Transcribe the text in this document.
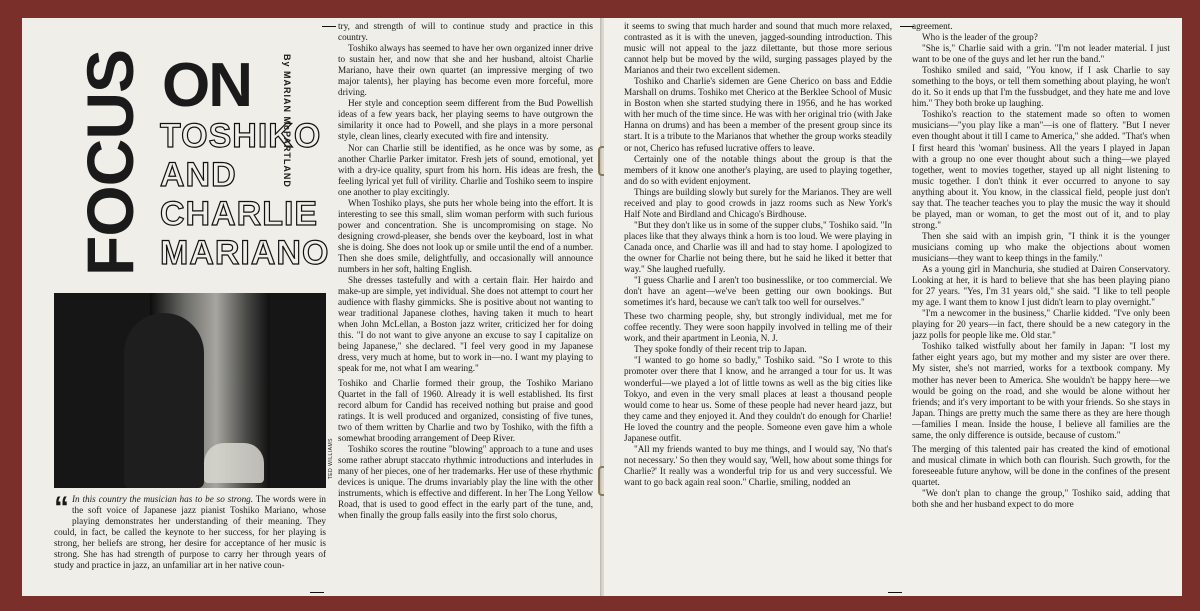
FOCUS ON
TOSHIKO
AND
CHARLIE
MARIANO
By MARIAN McPARTLAND
TED WILLIAMS

“ In this country the musician has to be so strong. The words were in the soft voice of Japanese jazz pianist Toshiko Mariano, whose playing demonstrates her understanding of their meaning. They could, in fact, be called the keynote to her success, for her playing is strong, her beliefs are strong, her desire for acceptance of her music is strong. She has had strength of purpose to carry her through years of study and practice in jazz, an unfamiliar art in her native coun-

try, and strength of will to continue study and practice in this country.

Toshiko always has seemed to have her own organized inner drive to sustain her, and now that she and her husband, altoist Charlie Mariano, have their own quartet (an impressive merging of two major talents), her playing has become even more forceful, more driving.

Her style and conception seem different from the Bud Powellish ideas of a few years back, her playing seems to have outgrown the similarity it once had to Powell, and she plays in a more personal style, clean lines, clearly executed with fire and intensity.

Nor can Charlie still be identified, as he once was by some, as another Charlie Parker imitator. Fresh jets of sound, emotional, yet with a dry-ice quality, spurt from his horn. His ideas are fresh, the feeling lyrical yet full of virility. Charlie and Toshiko seem to inspire one another to play excitingly.

When Toshiko plays, she puts her whole being into the effort. It is interesting to see this small, slim woman perform with such furious power and concentration. She is uncompromising on stage. No designing crowd-pleaser, she bends over the keyboard, lost in what she is doing. She does not look up or smile until the end of a number. Then she does smile, delightfully, and occasionally will announce numbers in her soft, halting English.

She dresses tastefully and with a certain flair. Her hairdo and make-up are simple, yet individual. She does not attempt to court her audience with flashy gimmicks. She is positive about not wanting to wear traditional Japanese clothes, having taken it much to heart when John McLellan, a Boston jazz writer, criticized her for doing this. "I do not want to give anyone an excuse to say I capitalize on being Japanese," she declared. "I feel very good in my Japanese dress, very much at home, but to work in—no. I want my playing to speak for me, not what I am wearing."

Toshiko and Charlie formed their group, the Toshiko Mariano Quartet in the fall of 1960. Already it is well established. Its first record album for Candid has received nothing but praise and good ratings. It is well produced and organized, consisting of five tunes, two of them written by Charlie and two by Toshiko, with the fifth a somewhat brooding arrangement of Deep River.

Toshiko scores the routine "blowing" approach to a tune and uses some rather abrupt staccato rhythmic introductions and interludes in many of her pieces, one of her trademarks. Her use of these rhythmic devices is unique. The drums invariably play the line with the other instruments, which is effective and different. In her The Long Yellow Road, that is used to good effect in the early part of the tune, and, when finally the group falls easily into the first solo chorus,

it seems to swing that much harder and sound that much more relaxed, contrasted as it is with the uneven, jagged-sounding introduction. This music will not appeal to the jazz dilettante, but those more serious cannot help but be moved by the wild, surging passages played by the Marianos and their two excellent sidemen.

Toshiko and Charlie's sidemen are Gene Cherico on bass and Eddie Marshall on drums. Toshiko met Cherico at the Berklee School of Music in Boston when she started studying there in 1956, and he has worked with her much of the time since. He was with her original trio (with Jake Hanna on drums) and has been a member of the present group since its start. It is a tribute to the Marianos that whether the group works steadily or not, Cherico has refused lucrative offers to leave.

Certainly one of the notable things about the group is that the members of it know one another's playing, are used to playing together, and do so with evident enjoyment.

Things are building slowly but surely for the Marianos. They are well received and play to good crowds in jazz rooms such as New York's Half Note and Birdland and Chicago's Birdhouse.

"But they don't like us in some of the supper clubs," Toshiko said. "In places like that they always think a horn is too loud. We were playing in Canada once, and Charlie was ill and had to stay home. I apologized to the owner for Charlie not being there, but he said he liked it better that way." She laughed ruefully.

"I guess Charlie and I aren't too businesslike, or too commercial. We don't have an agent—we've been getting our own bookings. But sometimes it's hard, because we can't talk too well for ourselves."

These two charming people, shy, but strongly individual, met me for coffee recently. They were soon happily involved in telling me of their work, and their apartment in Leonia, N. J.

They spoke fondly of their recent trip to Japan.

"I wanted to go home so badly," Toshiko said. "So I wrote to this promoter over there that I know, and he arranged a tour for us. It was wonderful—we played a lot of little towns as well as the big cities like Tokyo, and even in the very small places at least a thousand people would come to hear us. Some of these people had never heard jazz, but they came and they enjoyed it. And they couldn't do enough for Charlie! He loved the country and the people. Someone even gave him a whole Japanese outfit.

"All my friends wanted to buy me things, and I would say, 'No that's not necessary.' So then they would say, 'Well, how about some things for Charlie?' It really was a wonderful trip for us and very successful. We want to go back again real soon." Charlie, smiling, nodded an

agreement.

Who is the leader of the group?

"She is," Charlie said with a grin. "I'm not leader material. I just want to be one of the guys and let her run the band."

Toshiko smiled and said, "You know, if I ask Charlie to say something to the boys, or tell them something about playing, he won't do it. So it ends up that I'm the fussbudget, and they hate me and love him." They both broke up laughing.

Toshiko's reaction to the statement made so often to women musicians—"you play like a man"—is one of flattery. "But I never even thought about it till I came to America," she added. "That's when I first heard this 'woman' business. All the years I played in Japan with a group no one ever thought about such a thing—we played together, went to movies together, stayed up all night listening to music together. I don't think it ever occurred to anyone to say anything about it. You know, in the classical field, people just don't say that. The teacher teaches you to play the music the way it should be played, man or woman, to get the most out of it, and to play strong."

Then she said with an impish grin, "I think it is the younger musicians coming up who make the objections about women musicians—they want to keep things in the family."

As a young girl in Manchuria, she studied at Dairen Conservatory. Looking at her, it is hard to believe that she has been playing piano for 27 years. "Yes, I'm 31 years old," she said. "I like to tell people my age. I want them to know I just didn't learn to play overnight."

"I'm a newcomer in the business," Charlie kidded. "I've only been playing for 20 years—in fact, there should be a new category in the jazz polls for people like me. Old star."

Toshiko talked wistfully about her family in Japan: "I lost my father eight years ago, but my mother and my sister are over there. My sister, she's not married, works for a textbook company. My mother has never been to America. She wouldn't be happy here—we would be going on the road, and she would be alone without her friends; and it's very important to be with your friends. So she stays in Japan. Things are pretty much the same there as they are here though—families I mean. Inside the house, I believe all families are the same, the only difference is outside, because of custom."

The merging of this talented pair has created the kind of emotional and musical climate in which both can flourish. Such growth, for the foreseeable future anyhow, will be done in the confines of the present quartet.

"We don't plan to change the group," Toshiko said, adding that both she and her husband expect to do more
